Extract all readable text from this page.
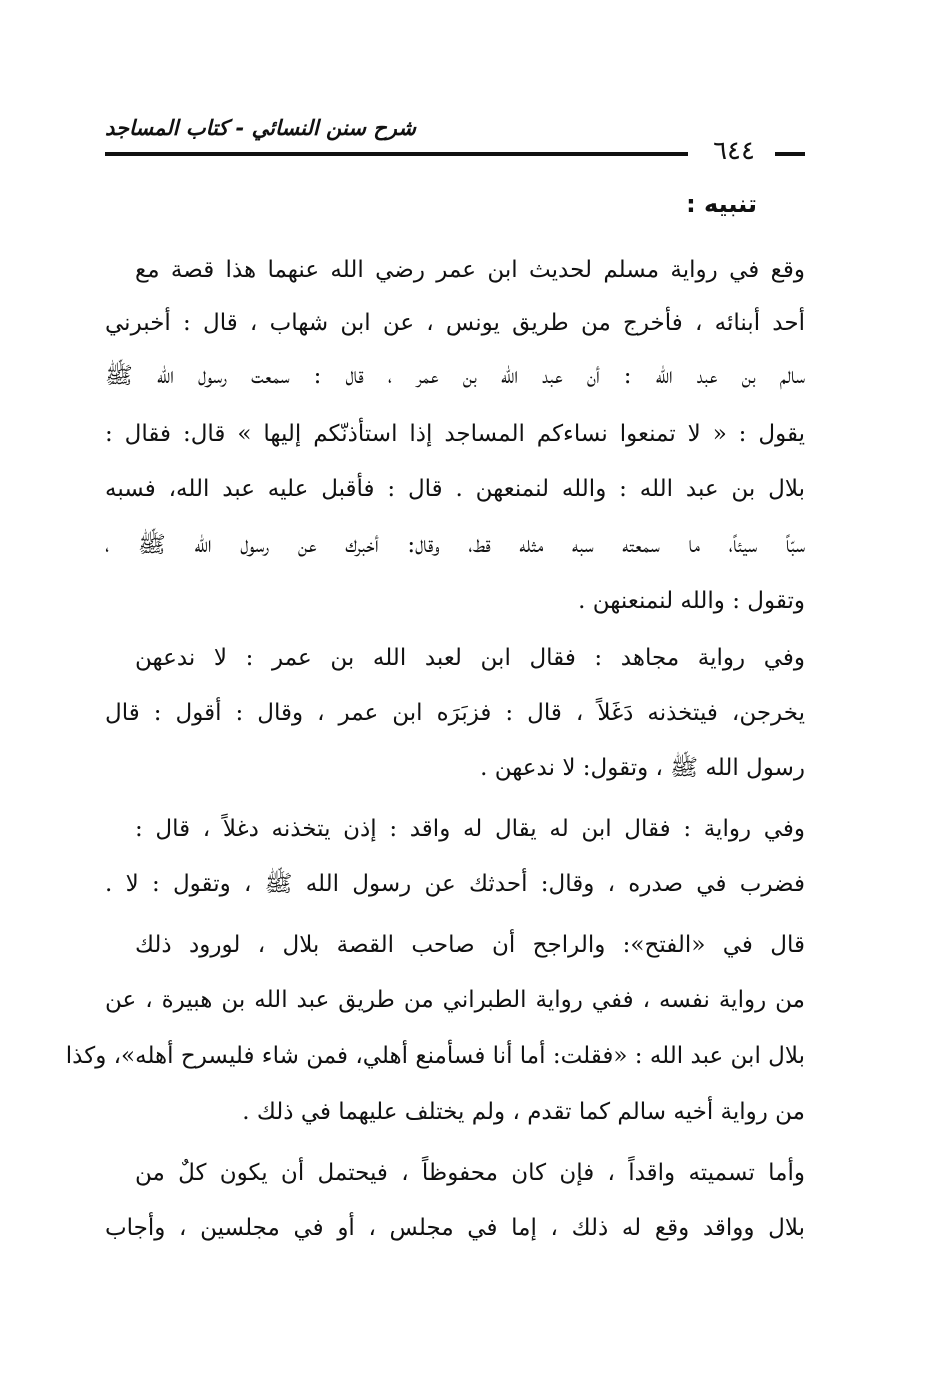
شرح سنن النسائي - كتاب المساجد
٦٤٤
تنبيه :
وقع في رواية مسلم لحديث ابن عمر رضي الله عنهما هذا قصة مع
أحد أبنائه ، فأخرج من طريق يونس ، عن ابن شهاب ، قال : أخبرني
سالم بن عبد الله : أن عبد الله بن عمر ، قال : سمعت رسول الله ﷺ
يقول : « لا تمنعوا نساءكم المساجد إذا استأذنّكم إليها » قال: فقال :
بلال بن عبد الله : والله لنمنعهن . قال : فأقبل عليه عبد الله، فسبه
سبّاً سيئاً، ما سمعته سبه مثله قط، وقال: أخبرك عن رسول الله ﷺ ،
وتقول : والله لنمنعنهن .
وفي رواية مجاهد : فقال ابن لعبد الله بن عمر : لا ندعهن
يخرجن، فيتخذنه دَغَلاً ، قال : فزبَرَه ابن عمر ، وقال : أقول : قال
رسول الله ﷺ ، وتقول: لا ندعهن .
وفي رواية : فقال ابن له يقال له واقد : إذن يتخذنه دغلاً ، قال :
فضرب في صدره ، وقال: أحدثك عن رسول الله ﷺ ، وتقول : لا .
قال في «الفتح»: والراجح أن صاحب القصة بلال ، لورود ذلك
من رواية نفسه ، ففي رواية الطبراني من طريق عبد الله بن هبيرة ، عن
بلال ابن عبد الله : «فقلت: أما أنا فسأمنع أهلي، فمن شاء فليسرح أهله»، وكذا
من رواية أخيه سالم كما تقدم ، ولم يختلف عليهما في ذلك .
وأما تسميته واقداً ، فإن كان محفوظاً ، فيحتمل أن يكون كلٌ من
بلال وواقد وقع له ذلك ، إما في مجلس ، أو في مجلسين ، وأجاب
